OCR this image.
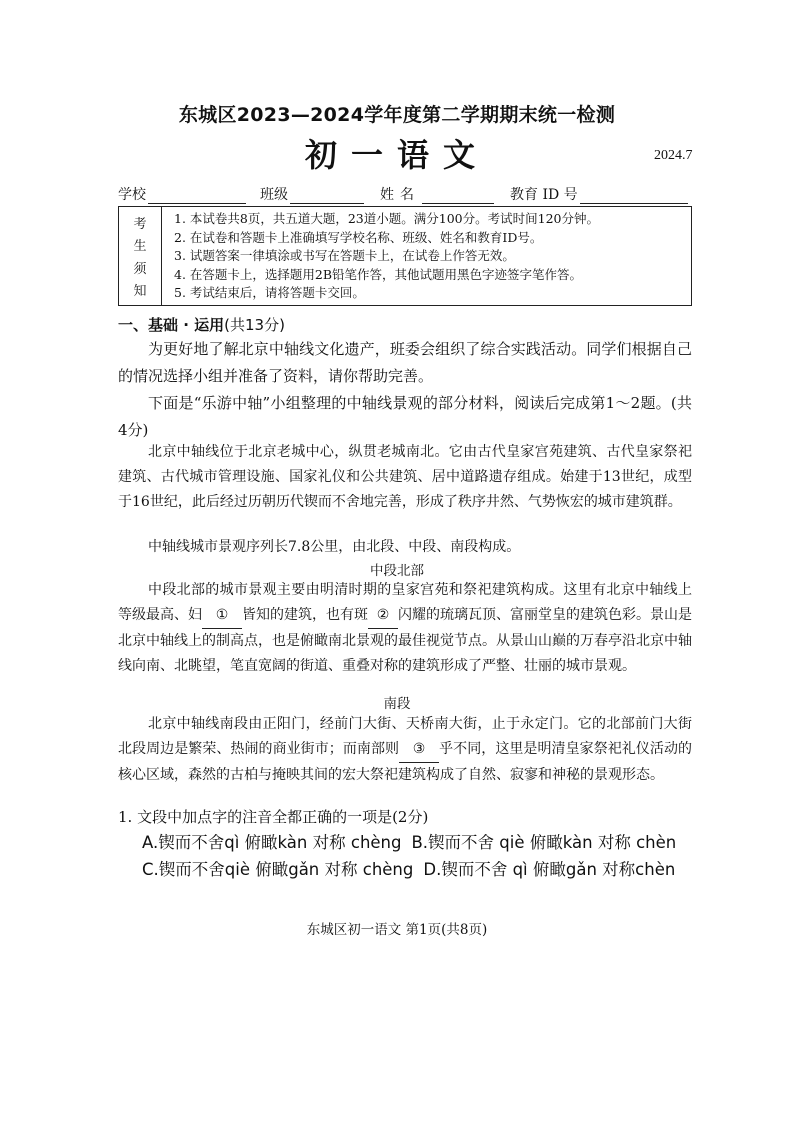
东城区2023—2024学年度第二学期期末统一检测
初一语文	2024.7
学校	班级	姓名	教育 ID 号
考
生
须
知
1. 本试卷共8页，共五道大题，23道小题。满分100分。考试时间120分钟。
2. 在试卷和答题卡上准确填写学校名称、班级、姓名和教育ID号。
3. 试题答案一律填涂或书写在答题卡上，在试卷上作答无效。
4. 在答题卡上，选择题用2B铅笔作答，其他试题用黑色字迹签字笔作答。
5. 考试结束后，请将答题卡交回。
一、基础 · 运用(共13分)
为更好地了解北京中轴线文化遗产，班委会组织了综合实践活动。同学们根据自己的情况选择小组并准备了资料，请你帮助完善。
下面是“乐游中轴”小组整理的中轴线景观的部分材料，阅读后完成第1～2题。(共4分)
北京中轴线位于北京老城中心，纵贯老城南北。它由古代皇家宫苑建筑、古代皇家祭祀建筑、古代城市管理设施、国家礼仪和公共建筑、居中道路遗存组成。始建于13世纪，成型于16世纪，此后经过历朝历代锲而不舍地完善，形成了秩序井然、气势恢宏的城市建筑群。
中轴线城市景观序列长7.8公里，由北段、中段、南段构成。
中段北部
中段北部的城市景观主要由明清时期的皇家宫苑和祭祀建筑构成。这里有北京中轴线上等级最高、妇 ① 皆知的建筑，也有斑 ② 闪耀的琉璃瓦顶、富丽堂皇的建筑色彩。景山是北京中轴线上的制高点，也是俯瞰南北景观的最佳视觉节点。从景山山巅的万春亭沿北京中轴线向南、北眺望，笔直宽阔的街道、重叠对称的建筑形成了严整、壮丽的城市景观。
南段
北京中轴线南段由正阳门，经前门大街、天桥南大街，止于永定门。它的北部前门大街北段周边是繁荣、热闹的商业街市；而南部则 ③ 乎不同，这里是明清皇家祭祀礼仪活动的核心区域，森然的古柏与掩映其间的宏大祭祀建筑构成了自然、寂寥和神秘的景观形态。
1. 文段中加点字的注音全都正确的一项是(2分)
A.锲而不舍qì 俯瞰kàn 对称 chèng B.锲而不舍 qiè 俯瞰kàn 对称 chèn
C.锲而不舍qiè 俯瞰gǎn 对称 chèng D.锲而不舍 qì 俯瞰gǎn 对称chèn
东城区初一语文 第1页(共8页)
